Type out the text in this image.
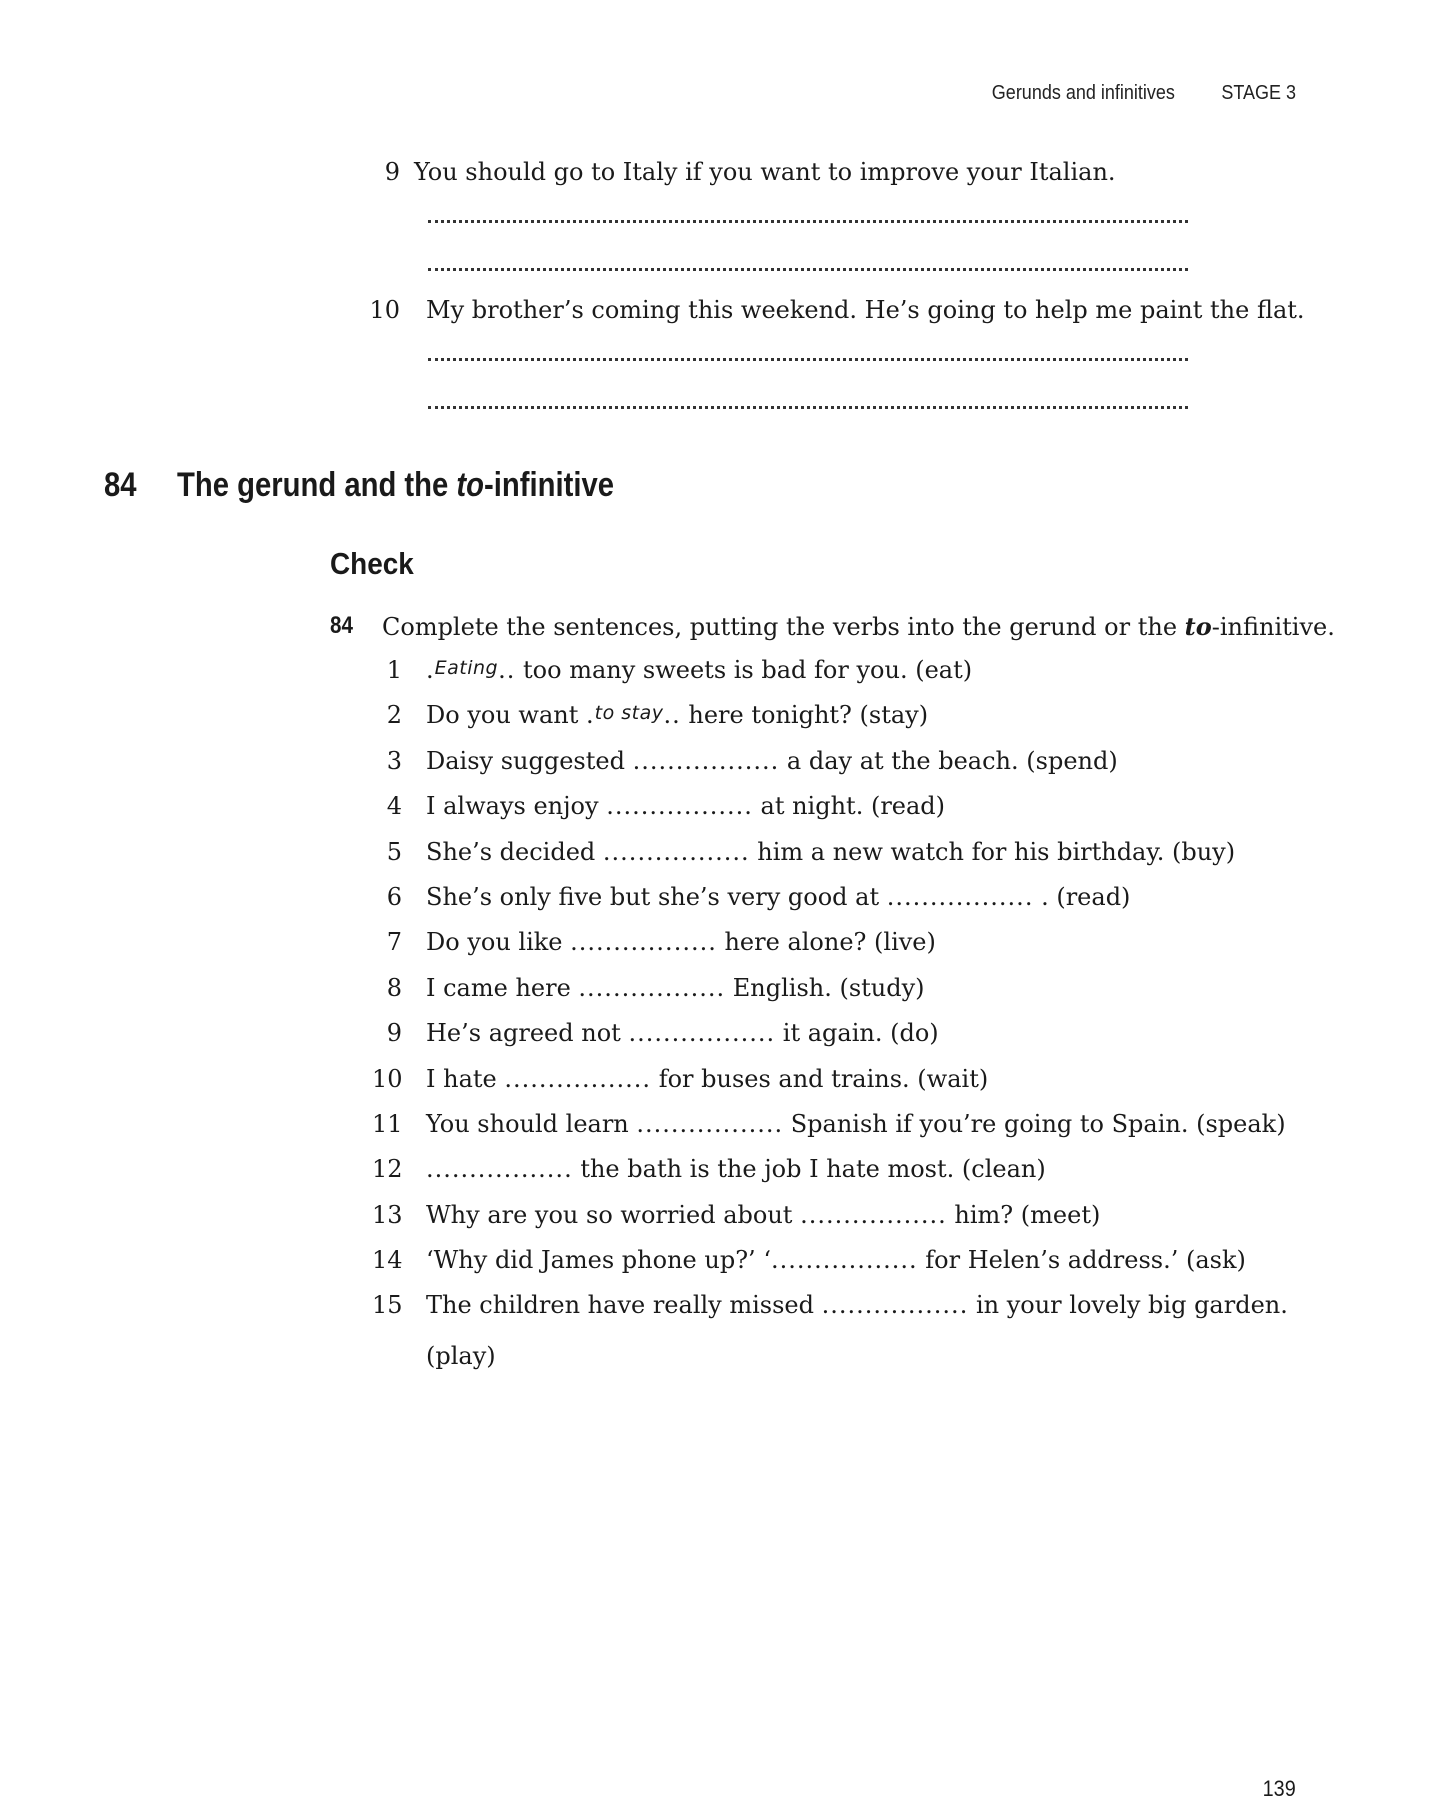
Gerunds and infinitives STAGE 3
9 You should go to Italy if you want to improve your Italian.
10 My brother’s coming this weekend. He’s going to help me paint the flat.
84 The gerund and the to-infinitive
Check
84 Complete the sentences, putting the verbs into the gerund or the to-infinitive.
1 .Eating.. too many sweets is bad for you. (eat)
2 Do you want .to stay.. here tonight? (stay)
3 Daisy suggested ................. a day at the beach. (spend)
4 I always enjoy ................. at night. (read)
5 She’s decided ................. him a new watch for his birthday. (buy)
6 She’s only five but she’s very good at ................. . (read)
7 Do you like ................. here alone? (live)
8 I came here ................. English. (study)
9 He’s agreed not ................. it again. (do)
10 I hate ................. for buses and trains. (wait)
11 You should learn ................. Spanish if you’re going to Spain. (speak)
12 ................. the bath is the job I hate most. (clean)
13 Why are you so worried about ................. him? (meet)
14 ‘Why did James phone up?’ ‘................. for Helen’s address.’ (ask)
15 The children have really missed ................. in your lovely big garden.
(play)
139
